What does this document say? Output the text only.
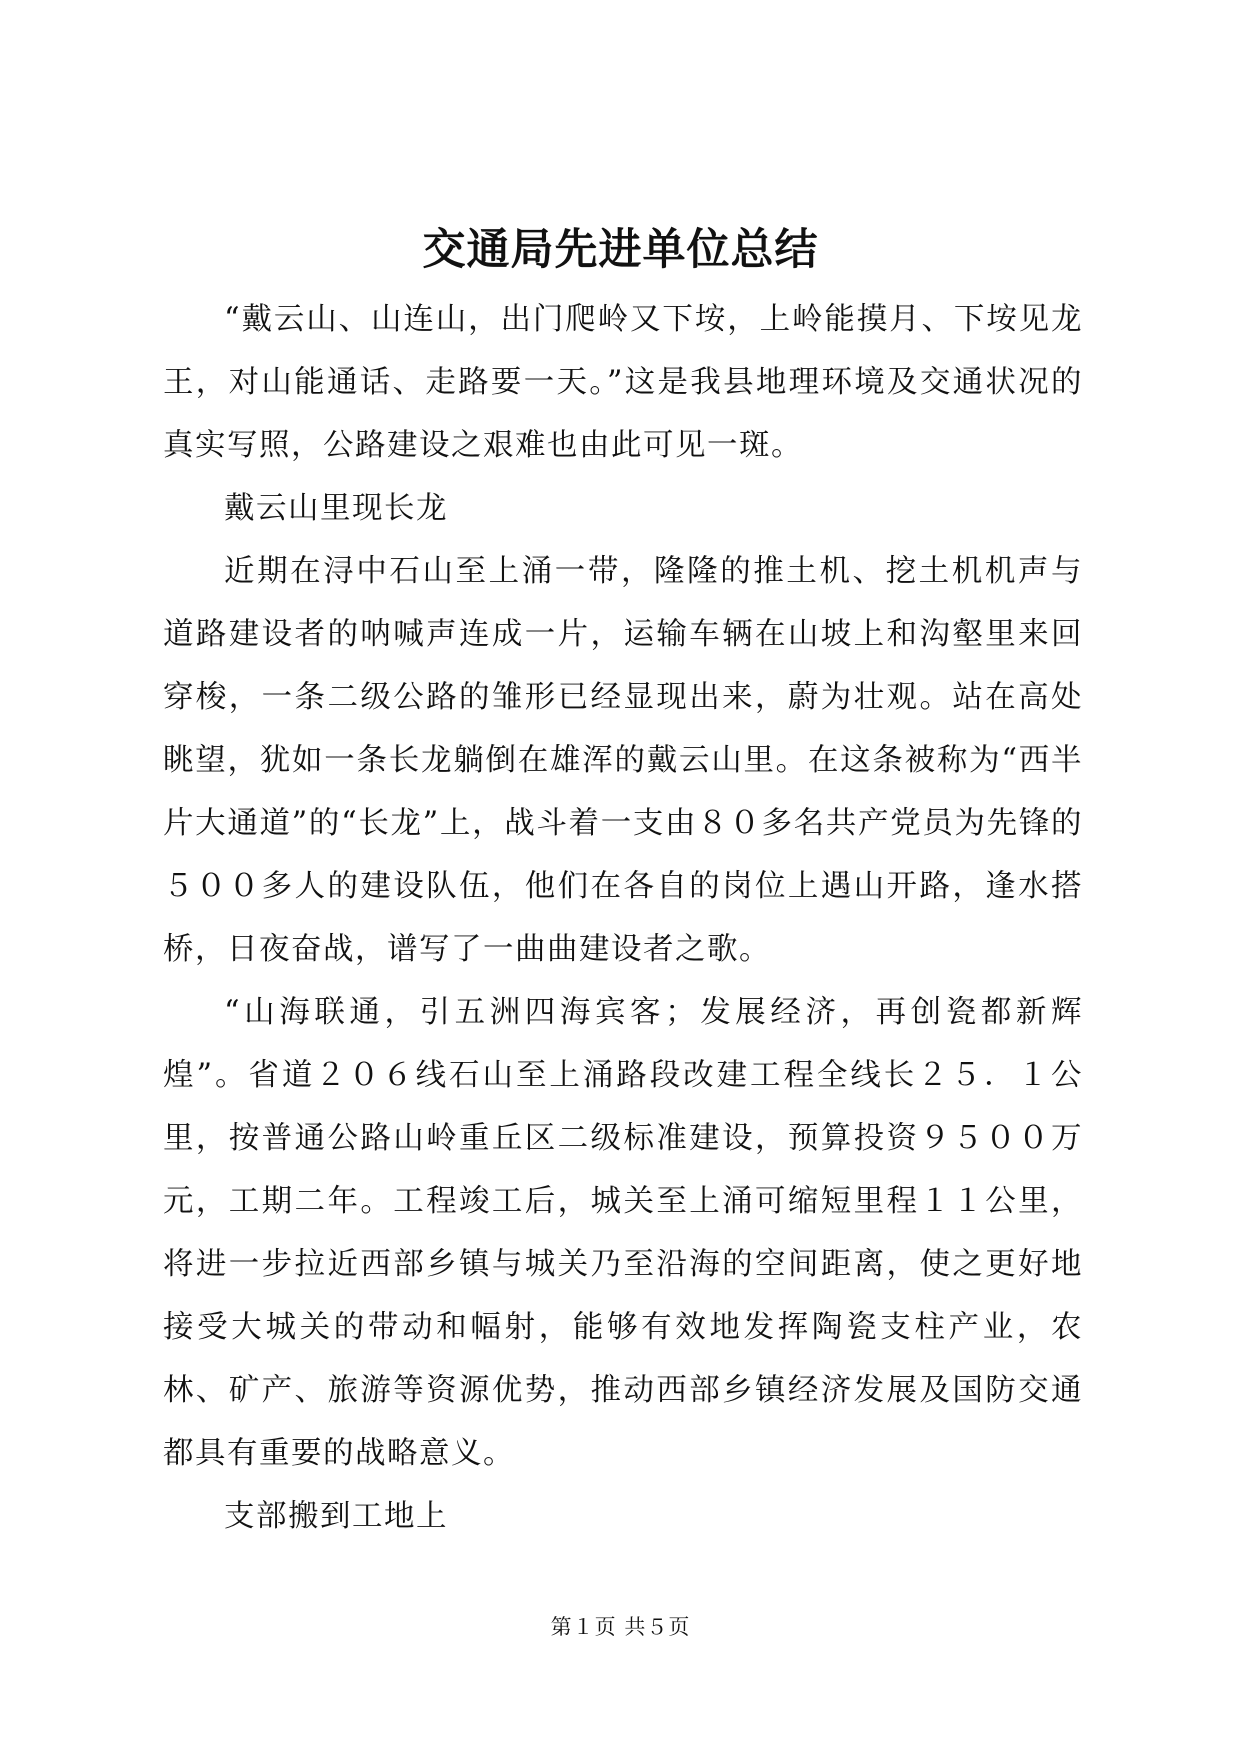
交通局先进单位总结

“戴云山、山连山，出门爬岭又下垵，上岭能摸月、下垵见龙王，对山能通话、走路要一天。”这是我县地理环境及交通状况的真实写照，公路建设之艰难也由此可见一斑。

戴云山里现长龙

近期在浔中石山至上涌一带，隆隆的推土机、挖土机机声与道路建设者的呐喊声连成一片，运输车辆在山坡上和沟壑里来回穿梭，一条二级公路的雏形已经显现出来，蔚为壮观。站在高处眺望，犹如一条长龙躺倒在雄浑的戴云山里。在这条被称为“西半片大通道”的“长龙”上，战斗着一支由８０多名共产党员为先锋的５００多人的建设队伍，他们在各自的岗位上遇山开路，逢水搭桥，日夜奋战，谱写了一曲曲建设者之歌。

“山海联通，引五洲四海宾客；发展经济，再创瓷都新辉煌”。省道２０６线石山至上涌路段改建工程全线长２５．１公里，按普通公路山岭重丘区二级标准建设，预算投资９５００万元，工期二年。工程竣工后，城关至上涌可缩短里程１１公里，将进一步拉近西部乡镇与城关乃至沿海的空间距离，使之更好地接受大城关的带动和幅射，能够有效地发挥陶瓷支柱产业，农林、矿产、旅游等资源优势，推动西部乡镇经济发展及国防交通都具有重要的战略意义。

支部搬到工地上

第１页 共５页
